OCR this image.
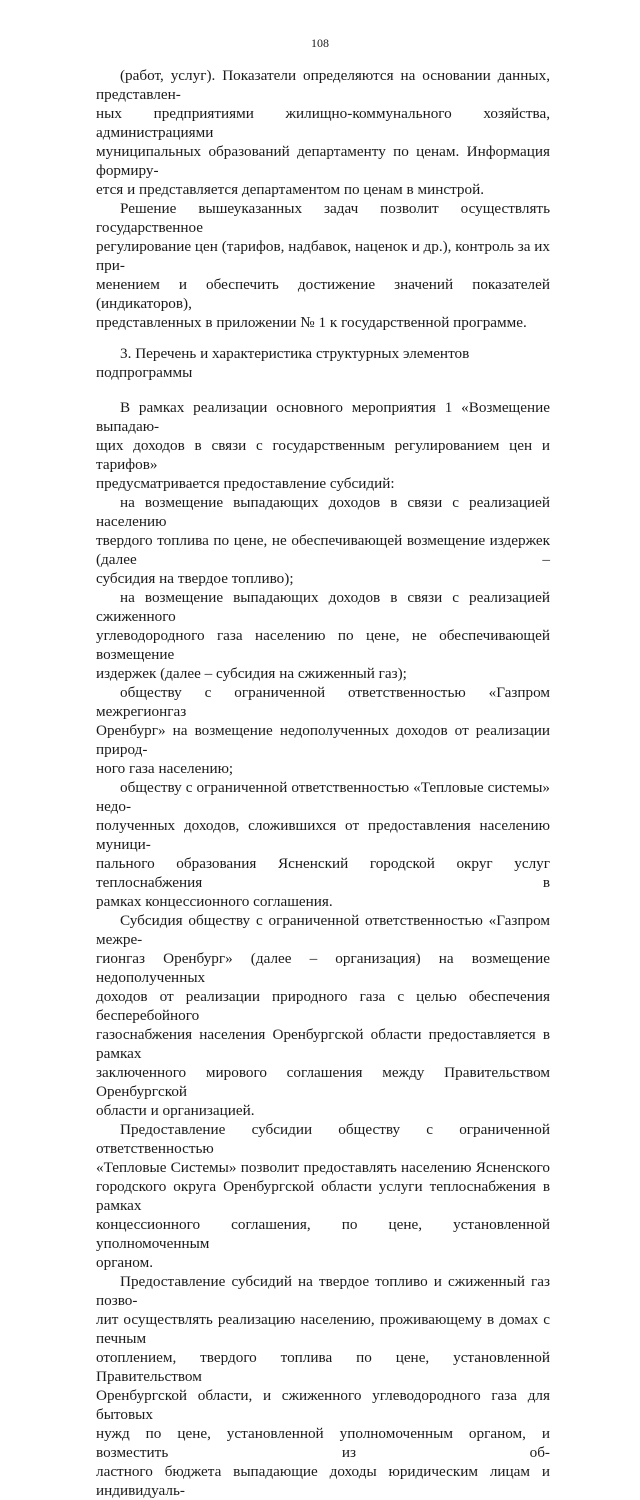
108

(работ, услуг). Показатели определяются на основании данных, представлен-

ных предприятиями жилищно-коммунального хозяйства, администрациями

муниципальных образований департаменту по ценам. Информация формиру-

ется и представляется департаментом по ценам в минстрой.

Решение вышеуказанных задач позволит осуществлять государственное

регулирование цен (тарифов, надбавок, наценок и др.), контроль за их при-

менением и обеспечить достижение значений показателей (индикаторов),

представленных в приложении № 1 к государственной программе.

3. Перечень и характеристика структурных элементов подпрограммы

В рамках реализации основного мероприятия 1 «Возмещение выпадаю-

щих доходов в связи с государственным регулированием цен и тарифов»

предусматривается предоставление субсидий:

на возмещение выпадающих доходов в связи с реализацией населению

твердого топлива по цене, не обеспечивающей возмещение издержек (далее –

субсидия на твердое топливо);

на возмещение выпадающих доходов в связи с реализацией сжиженного

углеводородного газа населению по цене, не обеспечивающей возмещение

издержек (далее – субсидия на сжиженный газ);

обществу с ограниченной ответственностью «Газпром межрегионгаз

Оренбург» на возмещение недополученных доходов от реализации природ-

ного газа населению;

обществу с ограниченной ответственностью «Тепловые системы» недо-

полученных доходов, сложившихся от предоставления населению муници-

пального образования Ясненский городской округ услуг теплоснабжения в

рамках концессионного соглашения.

Субсидия обществу с ограниченной ответственностью «Газпром межре-

гионгаз Оренбург» (далее – организация) на возмещение недополученных

доходов от реализации природного газа с целью обеспечения бесперебойного

газоснабжения населения Оренбургской области предоставляется в рамках

заключенного мирового соглашения между Правительством Оренбургской

области и организацией.

Предоставление субсидии обществу с ограниченной ответственностью

«Тепловые Системы» позволит предоставлять населению Ясненского

городского округа Оренбургской области услуги теплоснабжения в рамках

концессионного соглашения, по цене, установленной уполномоченным

органом.

Предоставление субсидий на твердое топливо и сжиженный газ позво-

лит осуществлять реализацию населению, проживающему в домах с печным

отоплением, твердого топлива по цене, установленной Правительством

Оренбургской области, и сжиженного углеводородного газа для бытовых

нужд по цене, установленной уполномоченным органом, и возместить из об-

ластного бюджета выпадающие доходы юридическим лицам и индивидуаль-
